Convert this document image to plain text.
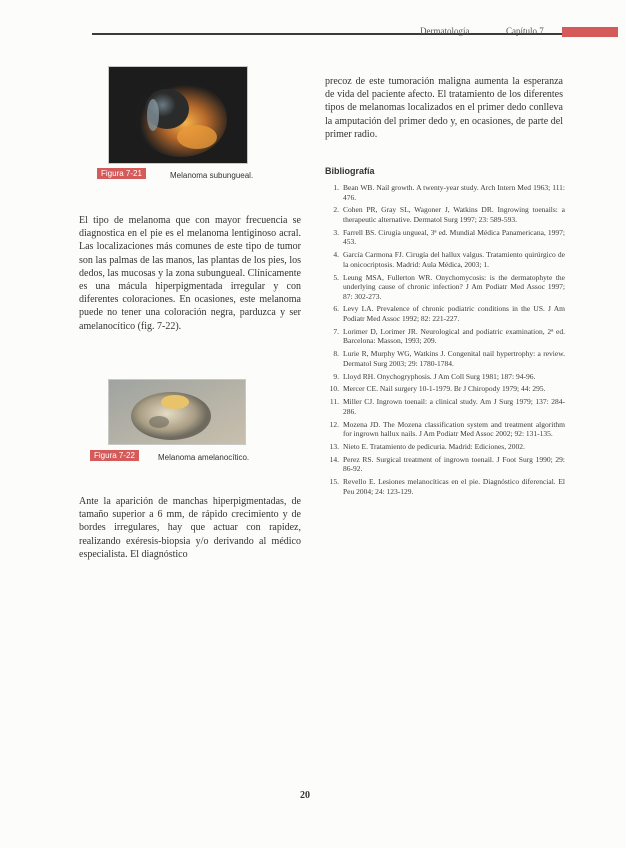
Dermatología	Capítulo 7
Figura 7-21	Melanoma subungueal.

El tipo de melanoma que con mayor frecuencia se diagnostica en el pie es el melanoma lentiginoso acral. Las localizaciones más comunes de este tipo de tumor son las palmas de las manos, las plantas de los pies, los dedos, las mucosas y la zona subungueal. Clínicamente es una mácula hiperpigmentada irregular y con diferentes coloraciones. En ocasiones, este melanoma puede no tener una coloración negra, parduzca y ser amelanocítico (fig. 7-22).

Figura 7-22	Melanoma amelanocítico.

Ante la aparición de manchas hiperpigmentadas, de tamaño superior a 6 mm, de rápido crecimiento y de bordes irregulares, hay que actuar con rapidez, realizando exéresis-biopsia y/o derivando al médico especialista. El diagnóstico

precoz de este tumoración maligna aumenta la esperanza de vida del paciente afecto. El tratamiento de los diferentes tipos de melanomas localizados en el primer dedo conlleva la amputación del primer dedo y, en ocasiones, de parte del primer radio.

Bibliografía
1. Bean WB. Nail growth. A twenty-year study. Arch Intern Med 1963; 111: 476.
2. Cohen PR, Gray SL, Wagoner J, Watkins DR. Ingrowing toenails: a therapeutic alternative. Dermatol Surg 1997; 23: 589-593.
3. Farrell BS. Cirugía ungueal, 3ª ed. Mundial Médica Panamericana, 1997; 453.
4. García Carmona FJ. Cirugía del hallux valgus. Tratamiento quirúrgico de la onicocriptosis. Madrid: Aula Médica, 2003; 1.
5. Leung MSA, Fullerton WR. Onychomycosis: is the dermatophyte the underlying cause of chronic infection? J Am Podiatr Med Assoc 1997; 87: 302-273.
6. Levy LA. Prevalence of chronic podiatric conditions in the US. J Am Podiatr Med Assoc 1992; 82: 221-227.
7. Lorimer D, Lorimer JR. Neurological and podiatric examination, 2ª ed. Barcelona: Masson, 1993; 209.
8. Lurie R, Murphy WG, Watkins J. Congenital nail hypertrophy: a review. Dermatol Surg 2003; 29: 1780-1784.
9. Lloyd RH. Onychogryphosis. J Am Coll Surg 1981; 187: 94-96.
10. Mercer CE. Nail surgery 10-1-1979. Br J Chiropody 1979; 44: 295.
11. Miller CJ. Ingrown toenail: a clinical study. Am J Surg 1979; 137: 284-286.
12. Mozena JD. The Mozena classification system and treatment algorithm for ingrown hallux nails. J Am Podiatr Med Assoc 2002; 92: 131-135.
13. Nieto E. Tratamiento de pedicuria. Madrid: Ediciones, 2002.
14. Perez RS. Surgical treatment of ingrown toenail. J Foot Surg 1990; 29: 86-92.
15. Revello E. Lesiones melanocíticas en el pie. Diagnóstico diferencial. El Peu 2004; 24: 123-129.
20
